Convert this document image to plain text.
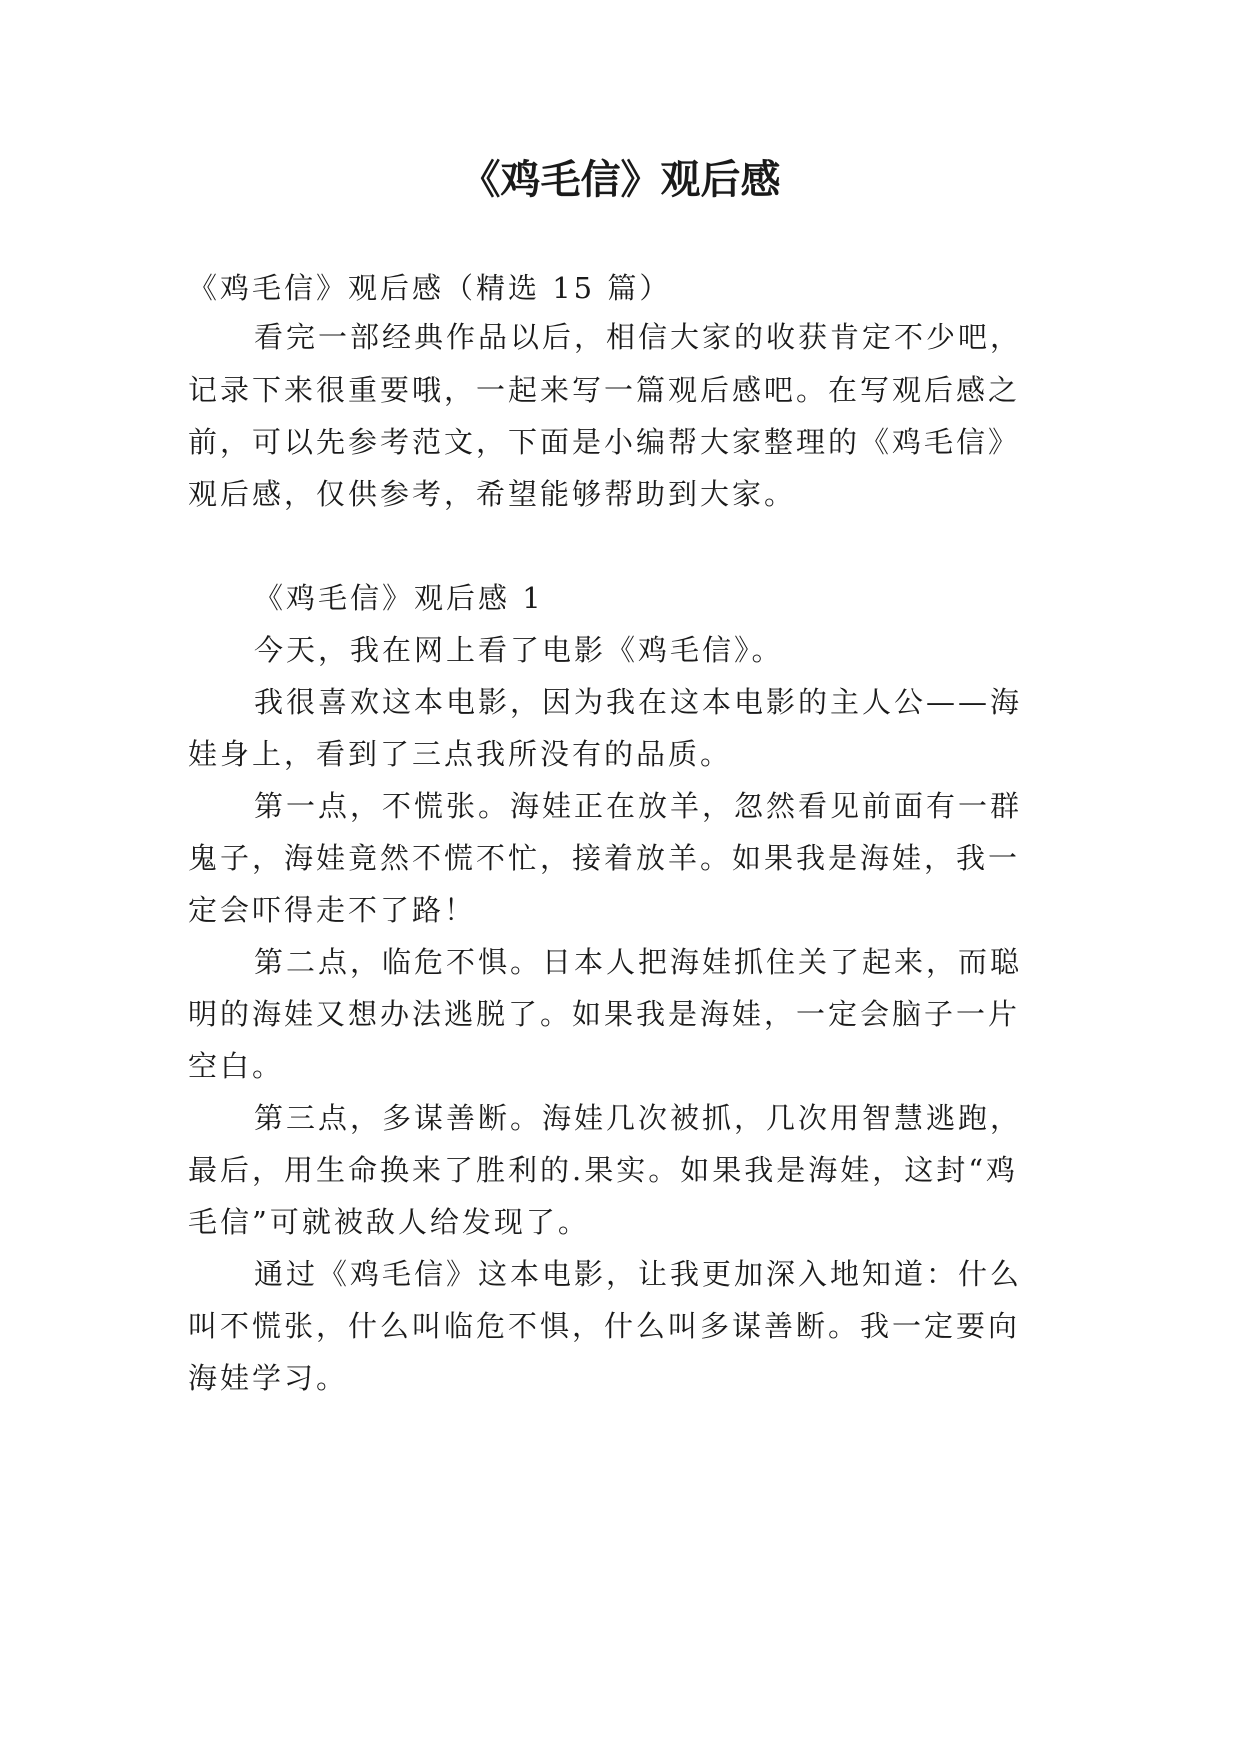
《鸡毛信》观后感

《鸡毛信》观后感（精选 15 篇）

看完一部经典作品以后，相信大家的收获肯定不少吧，

记录下来很重要哦，一起来写一篇观后感吧。在写观后感之

前，可以先参考范文，下面是小编帮大家整理的《鸡毛信》

观后感，仅供参考，希望能够帮助到大家。

《鸡毛信》观后感 1

今天，我在网上看了电影《鸡毛信》。

我很喜欢这本电影，因为我在这本电影的主人公——海

娃身上，看到了三点我所没有的品质。

第一点，不慌张。海娃正在放羊，忽然看见前面有一群

鬼子，海娃竟然不慌不忙，接着放羊。如果我是海娃，我一

定会吓得走不了路！

第二点，临危不惧。日本人把海娃抓住关了起来，而聪

明的海娃又想办法逃脱了。如果我是海娃，一定会脑子一片

空白。

第三点，多谋善断。海娃几次被抓，几次用智慧逃跑，

最后，用生命换来了胜利的.果实。如果我是海娃，这封“鸡

毛信”可就被敌人给发现了。

通过《鸡毛信》这本电影，让我更加深入地知道：什么

叫不慌张，什么叫临危不惧，什么叫多谋善断。我一定要向

海娃学习。
